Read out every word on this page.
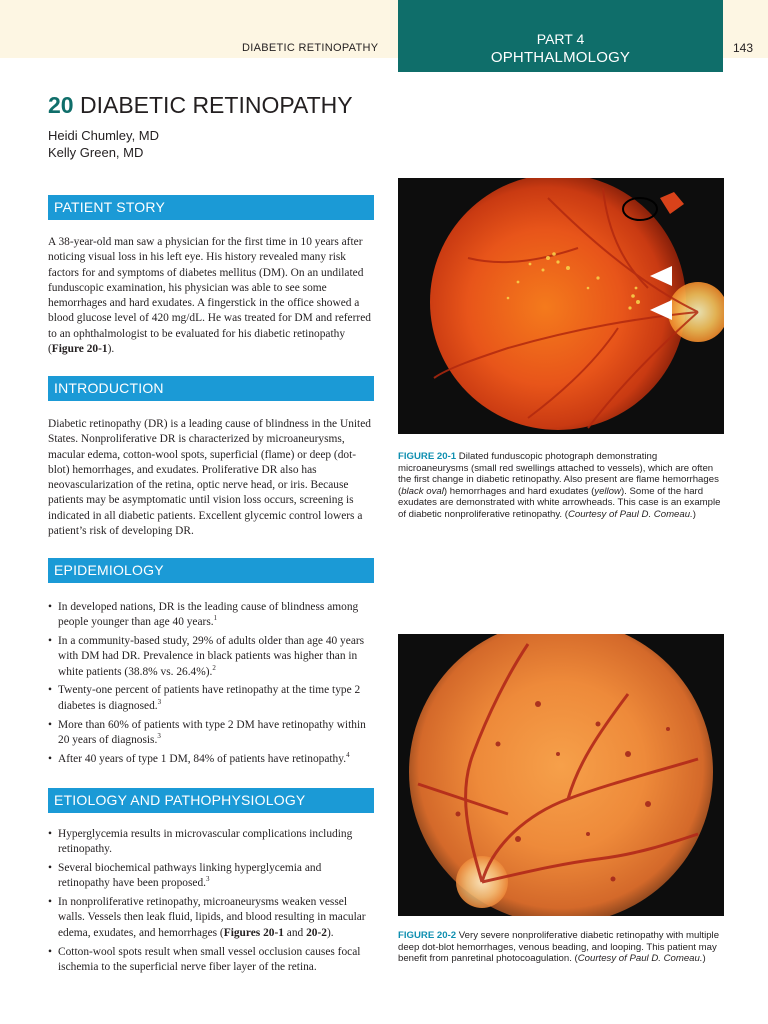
DIABETIC RETINOPATHY
PART 4
OPHTHALMOLOGY
143
20 DIABETIC RETINOPATHY
Heidi Chumley, MD
Kelly Green, MD
PATIENT STORY

A 38-year-old man saw a physician for the first time in 10 years after noticing visual loss in his left eye. His history revealed many risk factors for and symptoms of diabetes mellitus (DM). On an undilated funduscopic examination, his physician was able to see some hemorrhages and hard exudates. A fingerstick in the office showed a blood glucose level of 420 mg/dL. He was treated for DM and referred to an ophthalmologist to be evaluated for his diabetic retinopathy (Figure 20-1).

INTRODUCTION

Diabetic retinopathy (DR) is a leading cause of blindness in the United States. Nonproliferative DR is characterized by microaneurysms, macular edema, cotton-wool spots, superficial (flame) or deep (dot-blot) hemorrhages, and exudates. Proliferative DR also has neovascularization of the retina, optic nerve head, or iris. Because patients may be asymptomatic until vision loss occurs, screening is indicated in all diabetic patients. Excellent glycemic control lowers a patient’s risk of developing DR.

EPIDEMIOLOGY
• In developed nations, DR is the leading cause of blindness among people younger than age 40 years.$^1$
• In a community-based study, 29% of adults older than age 40 years with DM had DR. Prevalence in black patients was higher than in white patients (38.8% vs. 26.4%).$^2$
• Twenty-one percent of patients have retinopathy at the time type 2 diabetes is diagnosed.$^3$
• More than 60% of patients with type 2 DM have retinopathy within 20 years of diagnosis.$^3$
• After 40 years of type 1 DM, 84% of patients have retinopathy.$^4$
ETIOLOGY AND PATHOPHYSIOLOGY
• Hyperglycemia results in microvascular complications including retinopathy.
• Several biochemical pathways linking hyperglycemia and retinopathy have been proposed.$^3$
• In nonproliferative retinopathy, microaneurysms weaken vessel walls. Vessels then leak fluid, lipids, and blood resulting in macular edema, exudates, and hemorrhages (Figures 20-1 and 20-2).
• Cotton-wool spots result when small vessel occlusion causes focal ischemia to the superficial nerve fiber layer of the retina.
FIGURE 20-1 Dilated funduscopic photograph demonstrating microaneurysms (small red swellings attached to vessels), which are often the first change in diabetic retinopathy. Also present are flame hemorrhages (black oval) hemorrhages and hard exudates (yellow). Some of the hard exudates are demonstrated with white arrowheads. This case is an example of diabetic nonproliferative retinopathy. (Courtesy of Paul D. Comeau.)
FIGURE 20-2 Very severe nonproliferative diabetic retinopathy with multiple deep dot-blot hemorrhages, venous beading, and looping. This patient may benefit from panretinal photocoagulation. (Courtesy of Paul D. Comeau.)
